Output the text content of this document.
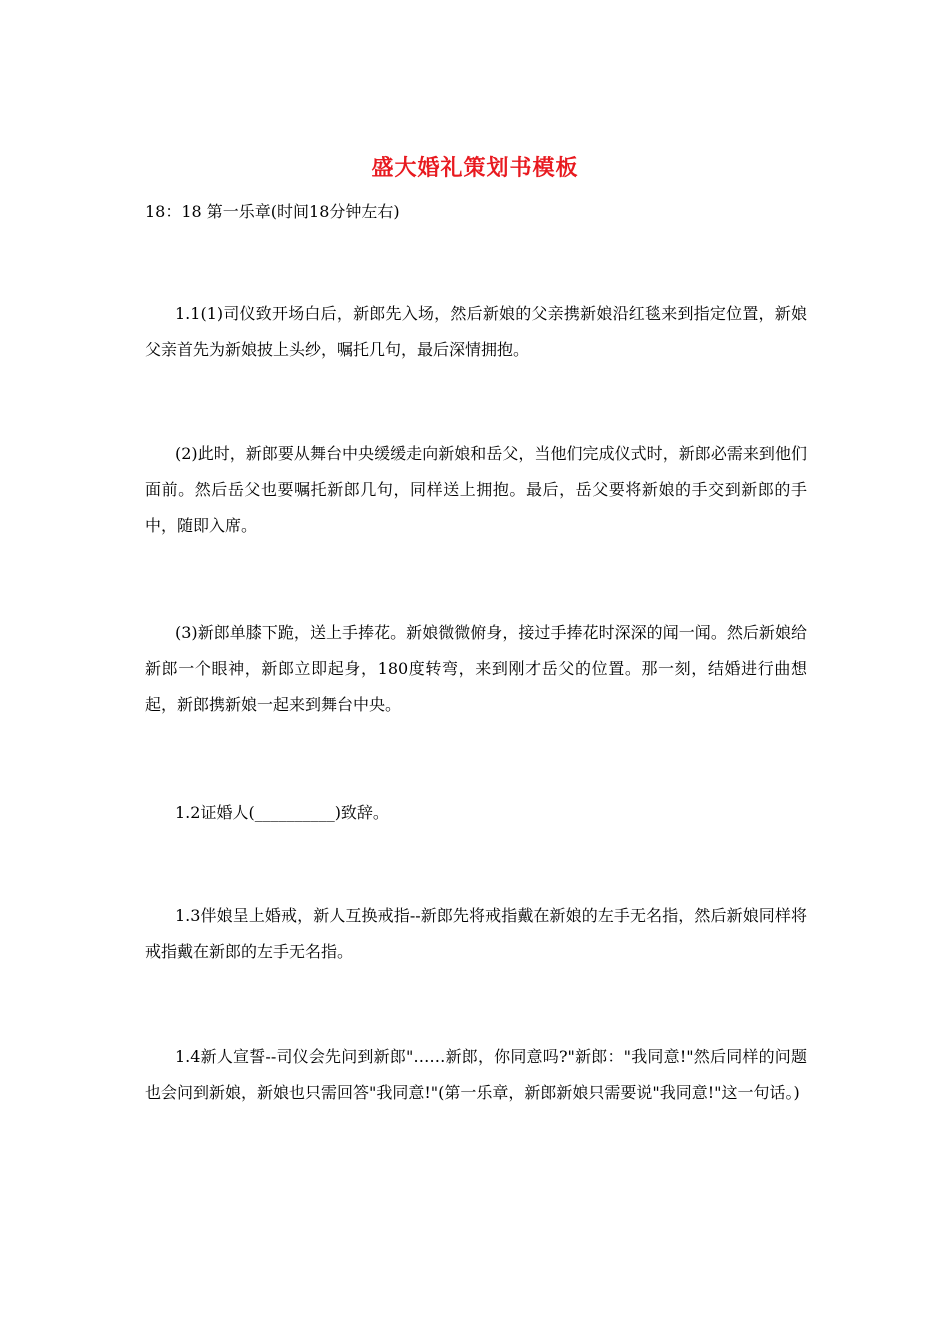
盛大婚礼策划书模板

18：18 第一乐章(时间18分钟左右)

1.1(1)司仪致开场白后，新郎先入场，然后新娘的父亲携新娘沿红毯来到指定位置，新娘父亲首先为新娘披上头纱，嘱托几句，最后深情拥抱。

(2)此时，新郎要从舞台中央缓缓走向新娘和岳父，当他们完成仪式时，新郎必需来到他们面前。然后岳父也要嘱托新郎几句，同样送上拥抱。最后，岳父要将新娘的手交到新郎的手中，随即入席。

(3)新郎单膝下跪，送上手捧花。新娘微微俯身，接过手捧花时深深的闻一闻。然后新娘给新郎一个眼神，新郎立即起身，180度转弯，来到刚才岳父的位置。那一刻，结婚进行曲想起，新郎携新娘一起来到舞台中央。

1.2证婚人(__________)致辞。

1.3伴娘呈上婚戒，新人互换戒指--新郎先将戒指戴在新娘的左手无名指，然后新娘同样将戒指戴在新郎的左手无名指。

1.4新人宣誓--司仪会先问到新郎"……新郎，你同意吗?"新郎："我同意!"然后同样的问题也会问到新娘，新娘也只需回答"我同意!"(第一乐章，新郎新娘只需要说"我同意!"这一句话。)
